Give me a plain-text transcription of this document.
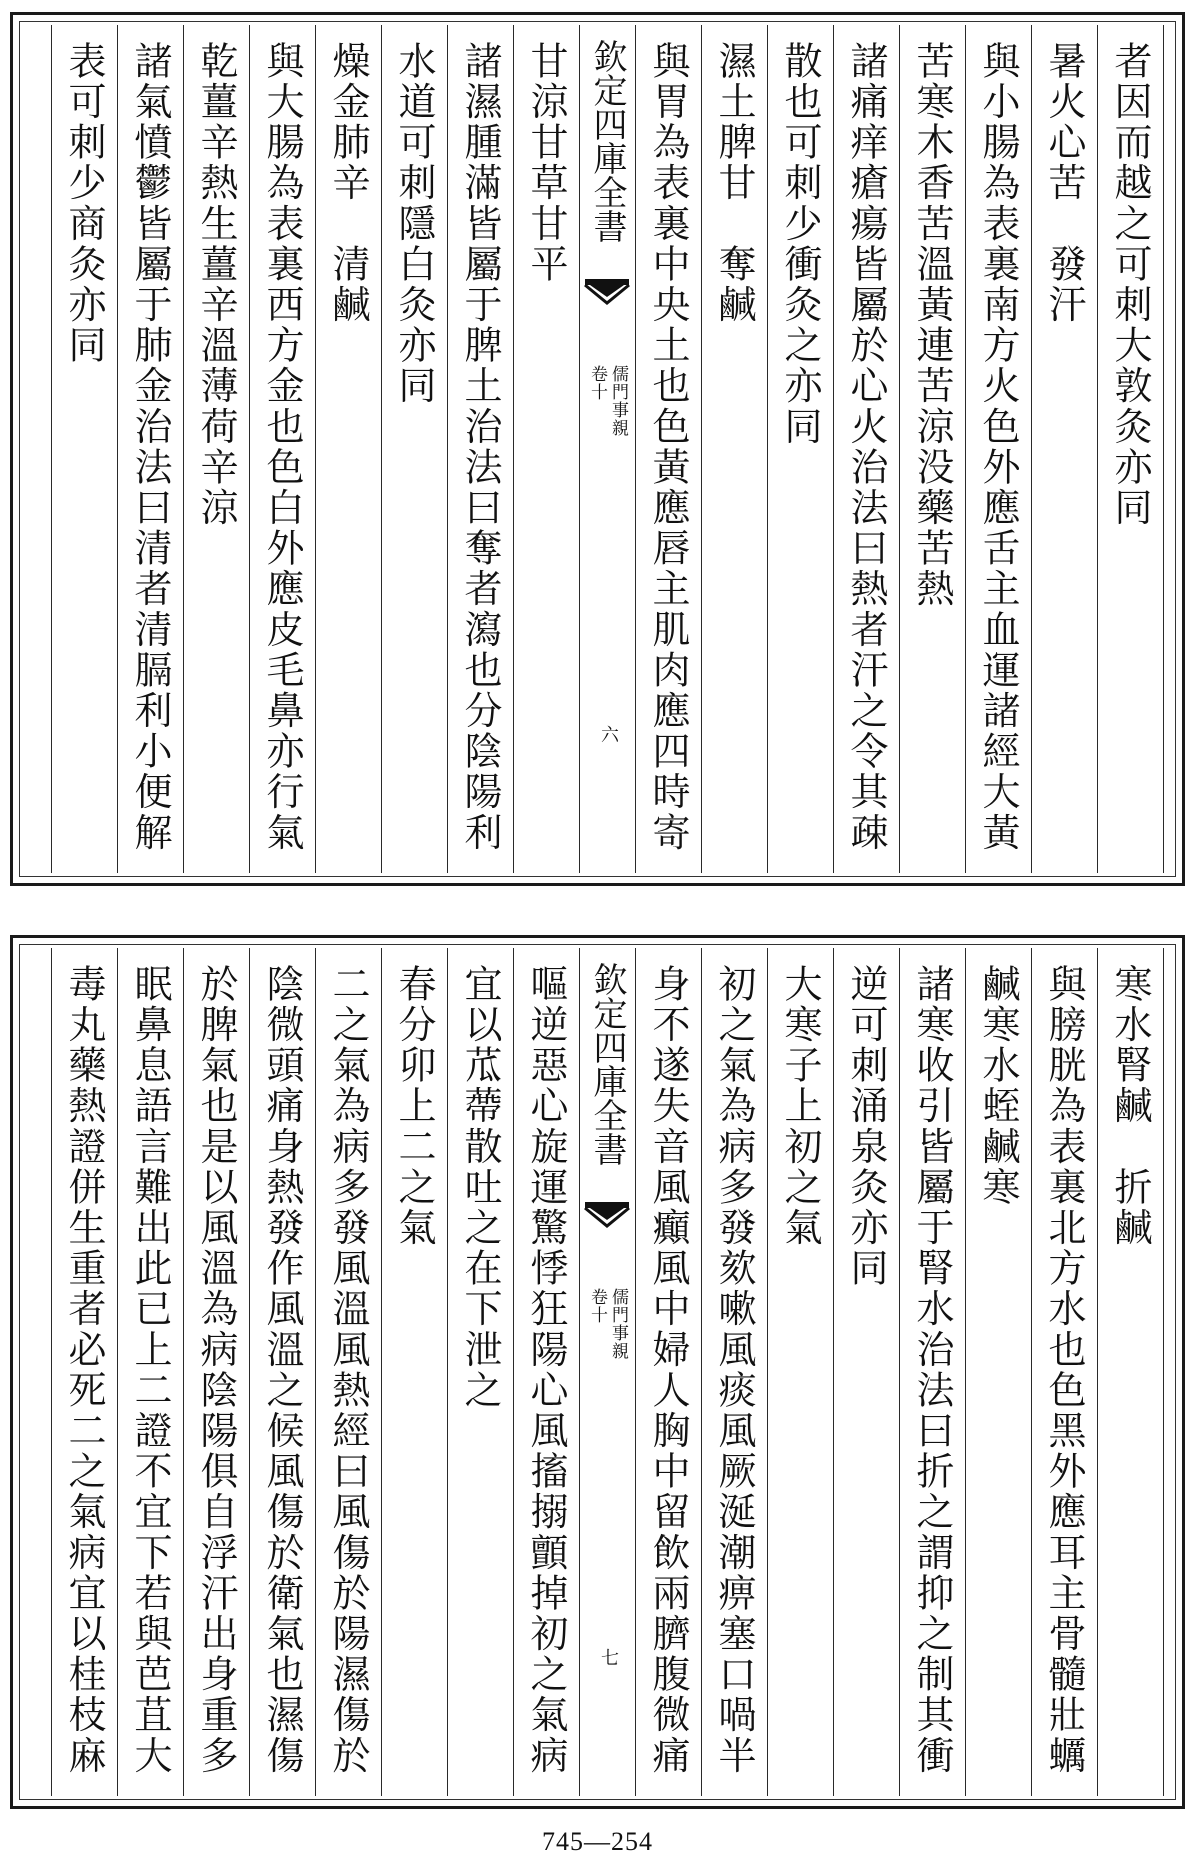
者因而越之可刺大敦灸亦同
暑火心苦　發汗
與小腸為表裏南方火色外應舌主血運諸經大黃
苦寒木香苦溫黃連苦涼没藥苦熱
諸痛痒瘡瘍皆屬於心火治法曰熱者汗之令其疎
散也可刺少衝灸之亦同
濕土脾甘　奪鹹
與胃為表裏中央土也色黃應唇主肌肉應四時寄
欽定四庫全書
儒門事親
卷十
六
甘涼甘草甘平
諸濕腫滿皆屬于脾土治法曰奪者瀉也分陰陽利
水道可刺隱白灸亦同
燥金肺辛　清鹹
與大腸為表裏西方金也色白外應皮毛鼻亦行氣
乾薑辛熱生薑辛溫薄荷辛涼
諸氣憤鬱皆屬于肺金治法曰清者清膈利小便解
表可刺少商灸亦同
寒水腎鹹　折鹹
與膀胱為表裏北方水也色黑外應耳主骨髓壯蠣
鹹寒水蛭鹹寒
諸寒收引皆屬于腎水治法曰折之謂抑之制其衝
逆可刺涌泉灸亦同
大寒子上初之氣
初之氣為病多發欬嗽風痰風厥涎潮痹塞口喎半
身不遂失音風癲風中婦人胸中留飲兩臍腹微痛
欽定四庫全書
儒門事親
卷十
七
嘔逆惡心旋運驚悸狂陽心風搐搦顫掉初之氣病
宜以苽蔕散吐之在下泄之
春分卯上二之氣
二之氣為病多發風溫風熱經曰風傷於陽濕傷於
陰微頭痛身熱發作風溫之候風傷於衛氣也濕傷
於脾氣也是以風溫為病陰陽俱自浮汗出身重多
眠鼻息語言難出此已上二證不宜下若與芭苴大
毒丸藥熱證併生重者必死二之氣病宜以桂枝麻
745—254
